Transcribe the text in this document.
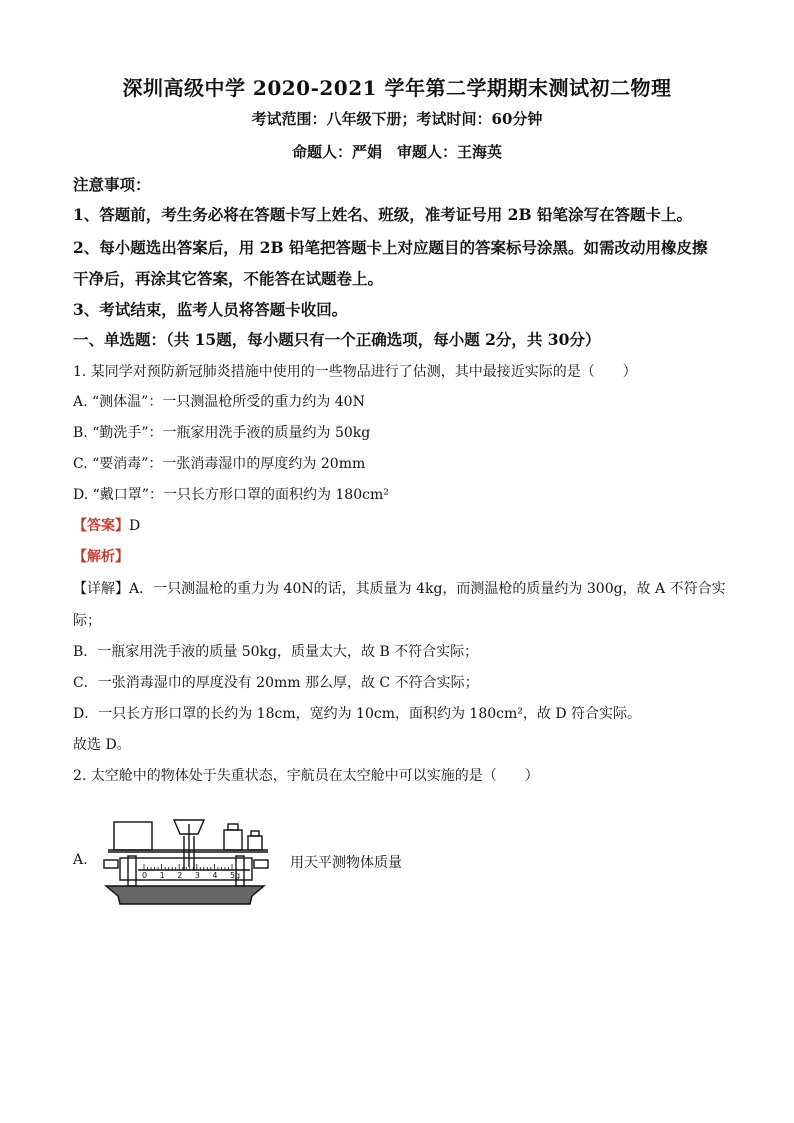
深圳高级中学 2020-2021 学年第二学期期末测试初二物理
考试范围：八年级下册；考试时间：60分钟
命题人：严娟　审题人：王海英
注意事项：
1、答题前，考生务必将在答题卡写上姓名、班级，准考证号用 2B 铅笔涂写在答题卡上。
2、每小题选出答案后，用 2B 铅笔把答题卡上对应题目的答案标号涂黑。如需改动用橡皮擦
干净后，再涂其它答案，不能答在试题卷上。
3、考试结束，监考人员将答题卡收回。
一、单选题：（共 15题，每小题只有一个正确选项，每小题 2分，共 30分）
1. 某同学对预防新冠肺炎措施中使用的一些物品进行了估测，其中最接近实际的是（　　）
A. “测体温”：一只测温枪所受的重力约为 40N
B. “勤洗手”：一瓶家用洗手液的质量约为 50kg
C. “要消毒”：一张消毒湿巾的厚度约为 20mm
D. “戴口罩”：一只长方形口罩的面积约为 180cm²
【答案】D
【解析】
【详解】A．一只测温枪的重力为 40N的话，其质量为 4kg，而测温枪的质量约为 300g，故 A 不符合实
际；
B．一瓶家用洗手液的质量 50kg，质量太大，故 B 不符合实际；
C．一张消毒湿巾的厚度没有 20mm 那么厚，故 C 不符合实际；
D．一只长方形口罩的长约为 18cm，宽约为 10cm，面积约为 180cm²，故 D 符合实际。
故选 D。
2. 太空舱中的物体处于失重状态，宇航员在太空舱中可以实施的是（　　）
A.
0 1 2 3 4 5 g
用天平测物体质量
